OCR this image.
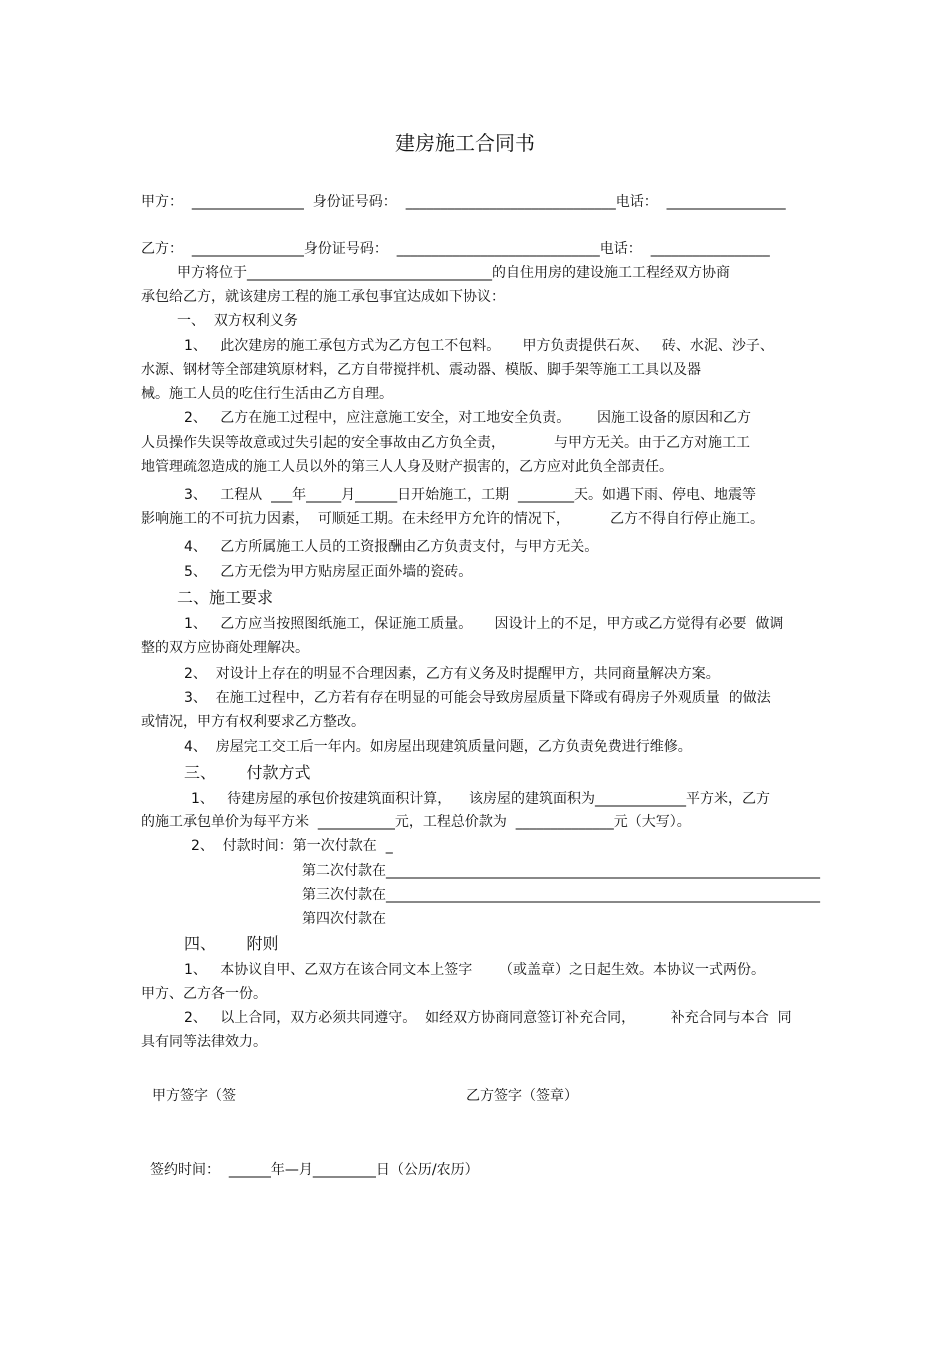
建房施工合同书
甲方：  ________________  身份证号码：  ______________________________电话：  _________________
乙方：  ________________身份证号码：  _____________________________电话：  _________________
甲方将位于___________________________________的自住用房的建设施工工程经双方协商
承包给乙方，就该建房工程的施工承包事宜达成如下协议：
一、  双方权利义务
1、   此次建房的施工承包方式为乙方包工不包料。     甲方负责提供石灰、   砖、水泥、沙子、
水源、钢材等全部建筑原材料，乙方自带搅拌机、震动器、模版、脚手架等施工工具以及器
械。施工人员的吃住行生活由乙方自理。
2、   乙方在施工过程中，应注意施工安全，对工地安全负责。      因施工设备的原因和乙方
人员操作失误等故意或过失引起的安全事故由乙方负全责，           与甲方无关。由于乙方对施工工
地管理疏忽造成的施工人员以外的第三人人身及财产损害的，乙方应对此负全部责任。
3、   工程从  ___年_____月______日开始施工，工期  ________天。如遇下雨、停电、地震等
影响施工的不可抗力因素，  可顺延工期。在未经甲方允许的情况下，         乙方不得自行停止施工。
4、   乙方所属施工人员的工资报酬由乙方负责支付，与甲方无关。
5、   乙方无偿为甲方贴房屋正面外墙的瓷砖。
二、施工要求
1、   乙方应当按照图纸施工，保证施工质量。     因设计上的不足，甲方或乙方觉得有必要  做调
整的双方应协商处理解决。
2、  对设计上存在的明显不合理因素，乙方有义务及时提醒甲方，共同商量解决方案。
3、  在施工过程中，乙方若有存在明显的可能会导致房屋质量下降或有碍房子外观质量  的做法
或情况，甲方有权利要求乙方整改。
4、  房屋完工交工后一年内。如房屋出现建筑质量问题，乙方负责免费进行维修。
三、      付款方式
1、   待建房屋的承包价按建筑面积计算，    该房屋的建筑面积为_____________平方米，乙方
的施工承包单价为每平方米  ___________元，工程总价款为  ______________元（大写）。
2、  付款时间：第一次付款在  _
第二次付款在______________________________________________________________
第三次付款在______________________________________________________________
第四次付款在
四、      附则
1、   本协议自甲、乙双方在该合同文本上签字      （或盖章）之日起生效。本协议一式两份。
甲方、乙方各一份。
2、   以上合同，双方必须共同遵守。  如经双方协商同意签订补充合同，        补充合同与本合  同
具有同等法律效力。
甲方签字（签	乙方签字（签章）
签约时间：  ______年—月_________日（公历/农历）
